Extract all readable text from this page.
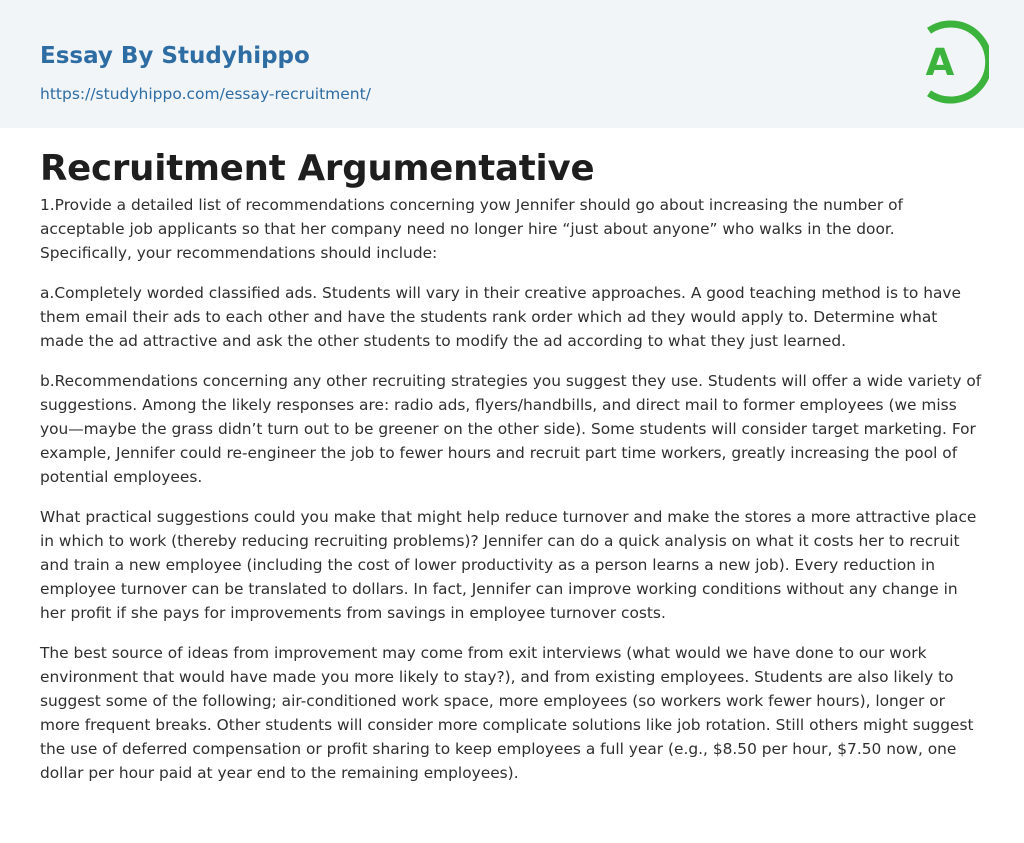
Essay By Studyhippo
https://studyhippo.com/essay-recruitment/
A
Recruitment Argumentative

1.Provide a detailed list of recommendations concerning yow Jennifer should go about increasing the number of acceptable job applicants so that her company need no longer hire “just about anyone” who walks in the door. Specifically, your recommendations should include:

a.Completely worded classified ads. Students will vary in their creative approaches. A good teaching method is to have them email their ads to each other and have the students rank order which ad they would apply to. Determine what made the ad attractive and ask the other students to modify the ad according to what they just learned.

b.Recommendations concerning any other recruiting strategies you suggest they use. Students will offer a wide variety of suggestions. Among the likely responses are: radio ads, flyers/handbills, and direct mail to former employees (we miss you—maybe the grass didn’t turn out to be greener on the other side). Some students will consider target marketing. For example, Jennifer could re-engineer the job to fewer hours and recruit part time workers, greatly increasing the pool of potential employees.

What practical suggestions could you make that might help reduce turnover and make the stores a more attractive place in which to work (thereby reducing recruiting problems)? Jennifer can do a quick analysis on what it costs her to recruit and train a new employee (including the cost of lower productivity as a person learns a new job). Every reduction in employee turnover can be translated to dollars. In fact, Jennifer can improve working conditions without any change in her profit if she pays for improvements from savings in employee turnover costs.

The best source of ideas from improvement may come from exit interviews (what would we have done to our work environment that would have made you more likely to stay?), and from existing employees. Students are also likely to suggest some of the following; air-conditioned work space, more employees (so workers work fewer hours), longer or more frequent breaks. Other students will consider more complicate solutions like job rotation. Still others might suggest the use of deferred compensation or profit sharing to keep employees a full year (e.g., $8.50 per hour, $7.50 now, one dollar per hour paid at year end to the remaining employees).
